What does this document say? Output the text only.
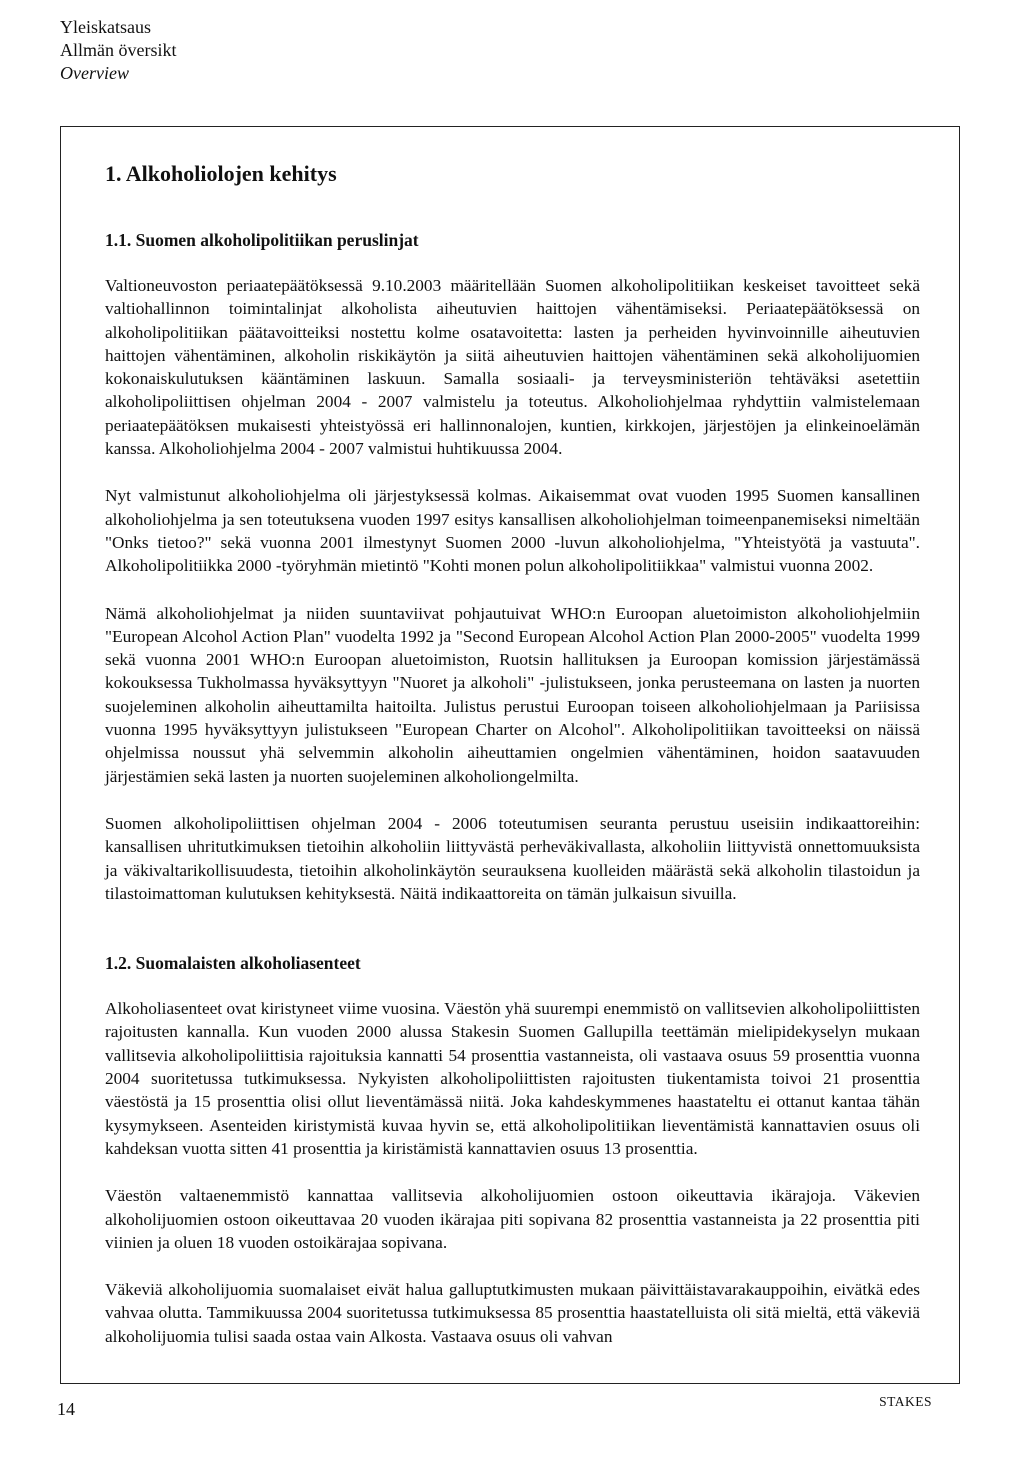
Yleiskatsaus
Allmän översikt
Overview
1. Alkoholiolojen kehitys
1.1. Suomen alkoholipolitiikan peruslinjat

Valtioneuvoston periaatepäätöksessä 9.10.2003 määritellään Suomen alkoholipolitiikan keskeiset tavoitteet sekä valtiohallinnon toimintalinjat alkoholista aiheutuvien haittojen vähentämiseksi. Periaatepäätöksessä on alkoholipolitiikan päätavoitteiksi nostettu kolme osatavoitetta: lasten ja perheiden hyvinvoinnille aiheutuvien haittojen vähentäminen, alkoholin riskikäytön ja siitä aiheutuvien haittojen vähentäminen sekä alkoholijuomien kokonaiskulutuksen kääntäminen laskuun. Samalla sosiaali- ja terveysministeriön tehtäväksi asetettiin alkoholipoliittisen ohjelman 2004 - 2007 valmistelu ja toteutus. Alkoholiohjelmaa ryhdyttiin valmistelemaan periaatepäätöksen mukaisesti yhteistyössä eri hallinnonalojen, kuntien, kirkkojen, järjestöjen ja elinkeinoelämän kanssa. Alkoholiohjelma 2004 - 2007 valmistui huhtikuussa 2004.

Nyt valmistunut alkoholiohjelma oli järjestyksessä kolmas. Aikaisemmat ovat vuoden 1995 Suomen kansallinen alkoholiohjelma ja sen toteutuksena vuoden 1997 esitys kansallisen alkoholiohjelman toimeenpanemiseksi nimeltään "Onks tietoo?" sekä vuonna 2001 ilmestynyt Suomen 2000 -luvun alkoholiohjelma, "Yhteistyötä ja vastuuta". Alkoholipolitiikka 2000 -työryhmän mietintö "Kohti monen polun alkoholipolitiikkaa" valmistui vuonna 2002.

Nämä alkoholiohjelmat ja niiden suuntaviivat pohjautuivat WHO:n Euroopan aluetoimiston alkoholiohjelmiin "European Alcohol Action Plan" vuodelta 1992 ja "Second European Alcohol Action Plan 2000-2005" vuodelta 1999 sekä vuonna 2001 WHO:n Euroopan aluetoimiston, Ruotsin hallituksen ja Euroopan komission järjestämässä kokouksessa Tukholmassa hyväksyttyyn "Nuoret ja alkoholi" -julistukseen, jonka perusteemana on lasten ja nuorten suojeleminen alkoholin aiheuttamilta haitoilta. Julistus perustui Euroopan toiseen alkoholiohjelmaan ja Pariisissa vuonna 1995 hyväksyttyyn julistukseen "European Charter on Alcohol". Alkoholipolitiikan tavoitteeksi on näissä ohjelmissa noussut yhä selvemmin alkoholin aiheuttamien ongelmien vähentäminen, hoidon saatavuuden järjestämien sekä lasten ja nuorten suojeleminen alkoholiongelmilta.

Suomen alkoholipoliittisen ohjelman 2004 - 2006 toteutumisen seuranta perustuu useisiin indikaattoreihin: kansallisen uhritutkimuksen tietoihin alkoholiin liittyvästä perheväkivallasta, alkoholiin liittyvistä onnettomuuksista ja väkivaltarikollisuudesta, tietoihin alkoholinkäytön seurauksena kuolleiden määrästä sekä alkoholin tilastoidun ja tilastoimattoman kulutuksen kehityksestä. Näitä indikaattoreita on tämän julkaisun sivuilla.

1.2. Suomalaisten alkoholiasenteet

Alkoholiasenteet ovat kiristyneet viime vuosina. Väestön yhä suurempi enemmistö on vallitsevien alkoholipoliittisten rajoitusten kannalla. Kun vuoden 2000 alussa Stakesin Suomen Gallupilla teettämän mielipidekyselyn mukaan vallitsevia alkoholipoliittisia rajoituksia kannatti 54 prosenttia vastanneista, oli vastaava osuus 59 prosenttia vuonna 2004 suoritetussa tutkimuksessa. Nykyisten alkoholipoliittisten rajoitusten tiukentamista toivoi 21 prosenttia väestöstä ja 15 prosenttia olisi ollut lieventämässä niitä. Joka kahdeskymmenes haastateltu ei ottanut kantaa tähän kysymykseen. Asenteiden kiristymistä kuvaa hyvin se, että alkoholipolitiikan lieventämistä kannattavien osuus oli kahdeksan vuotta sitten 41 prosenttia ja kiristämistä kannattavien osuus 13 prosenttia.

Väestön valtaenemmistö kannattaa vallitsevia alkoholijuomien ostoon oikeuttavia ikärajoja. Väkevien alkoholijuomien ostoon oikeuttavaa 20 vuoden ikärajaa piti sopivana 82 prosenttia vastanneista ja 22 prosenttia piti viinien ja oluen 18 vuoden ostoikärajaa sopivana.

Väkeviä alkoholijuomia suomalaiset eivät halua galluptutkimusten mukaan päivittäistavarakauppoihin, eivätkä edes vahvaa olutta. Tammikuussa 2004 suoritetussa tutkimuksessa 85 prosenttia haastatelluista oli sitä mieltä, että väkeviä alkoholijuomia tulisi saada ostaa vain Alkosta. Vastaava osuus oli vahvan

14	STAKES
